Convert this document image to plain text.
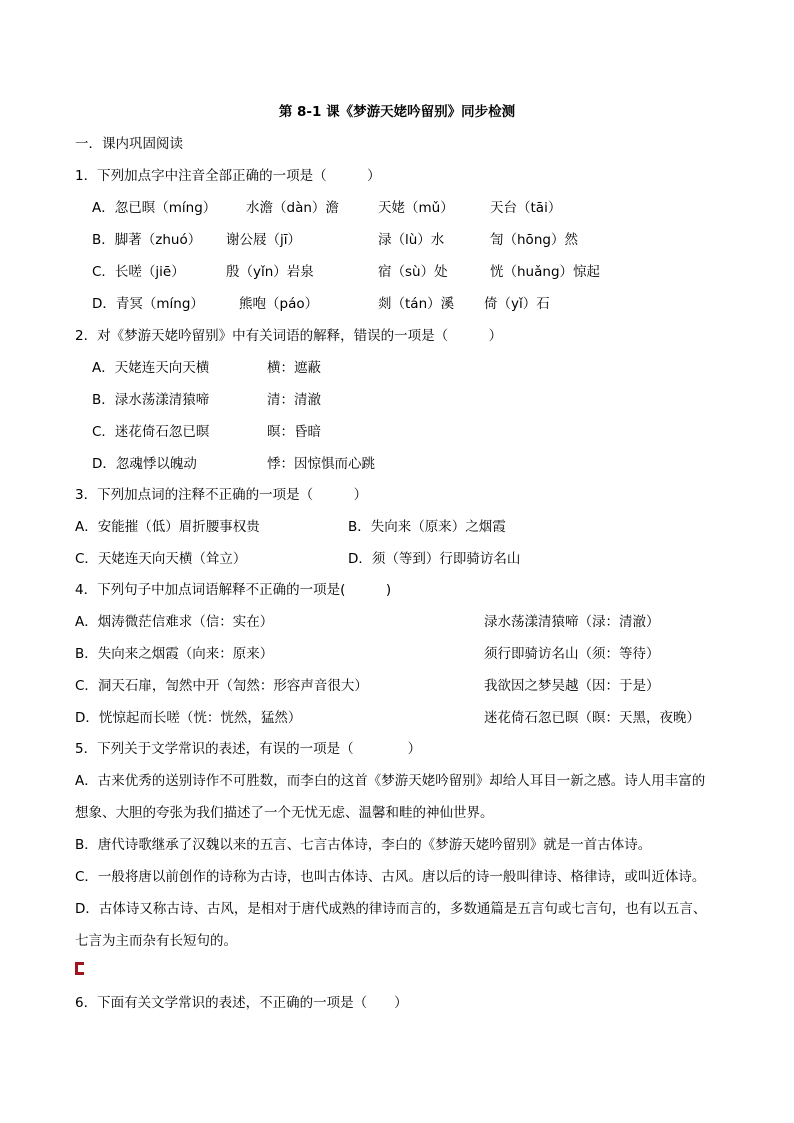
第 8-1 课《梦游天姥吟留别》同步检测
一．课内巩固阅读
1．下列加点字中注音全部正确的一项是（　　　）
A．忽已暝（míng） 水澹（dàn）澹	天姥（mǔ）	天台（tāi）
B．脚著（zhuó） 谢公屐（jī）	渌（lù）水	訇（hōng）然
C．长嗟（jiē）	殷（yǐn）岩泉	宿（sù）处	恍（huǎng）惊起
D．青冥（míng）	熊咆（páo）	剡（tán）溪 倚（yǐ）石
2．对《梦游天姥吟留别》中有关词语的解释，错误的一项是（　　　）
A．天姥连天向天横	横：遮蔽
B．渌水荡漾清猿啼	清：清澈
C．迷花倚石忽已暝	暝：昏暗
D．忽魂悸以魄动	悸：因惊惧而心跳
3．下列加点词的注释不正确的一项是（　　　）
A．安能摧（低）眉折腰事权贵	B．失向来（原来）之烟霞
C．天姥连天向天横（耸立）	D．须（等到）行即骑访名山
4．下列句子中加点词语解释不正确的一项是(　　　)
A．烟涛微茫信难求（信：实在）	渌水荡漾清猿啼（渌：清澈）
B．失向来之烟霞（向来：原来）	须行即骑访名山（须：等待）
C．洞天石扉，訇然中开（訇然：形容声音很大）	我欲因之梦吴越（因：于是）
D．恍惊起而长嗟（恍：恍然，猛然）	迷花倚石忽已暝（暝：天黑，夜晚）
5．下列关于文学常识的表述，有误的一项是（　　　　）
A．古来优秀的送别诗作不可胜数，而李白的这首《梦游天姥吟留别》却给人耳目一新之感。诗人用丰富的
想象、大胆的夸张为我们描述了一个无忧无虑、温馨和畦的神仙世界。
B．唐代诗歌继承了汉魏以来的五言、七言古体诗，李白的《梦游天姥吟留别》就是一首古体诗。
C．一般将唐以前创作的诗称为古诗，也叫古体诗、古风。唐以后的诗一般叫律诗、格律诗，或叫近体诗。
D．古体诗又称古诗、古风，是相对于唐代成熟的律诗而言的，多数通篇是五言句或七言句，也有以五言、
七言为主而杂有长短句的。
6．下面有关文学常识的表述，不正确的一项是（　　）
